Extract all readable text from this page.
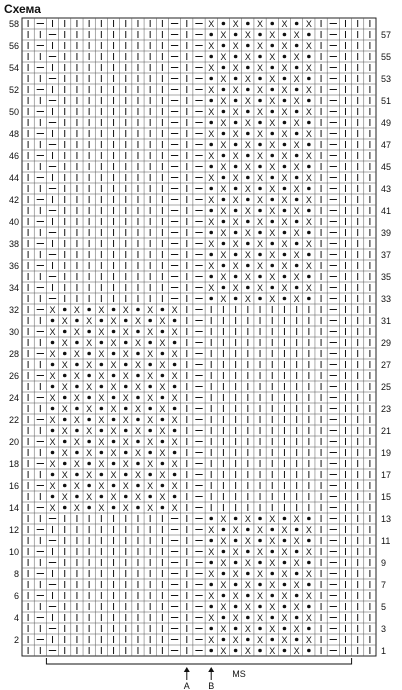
Схема
X X X X X
X X X X
X X X X X
X X X X
X X X X X
X X X X
X X X X X
X X X X
X X X X X
X X X X
X X X X X
X X X X
X X X X X
X X X X
X X X X X
X X X X
X X X X X
X X X X
X X X X X
X X X X
X X X X X
X X X X
X X X X X
X X X X
X X X X X
X X X X
X X X X X X
X X X X X
X X X X X X
X X X X X
X X X X X X
X X X X X
X X X X X X
X X X X X
X X X X X X
X X X X X
X X X X X X
X X X X X
X X X X X X
X X X X X
X X X X X X
X X X X X
X X X X X X
X X X X X
X X X X X X
X X X X
X X X X X
X X X X
X X X X X
X X X X
X X X X X
X X X X
X X X X X
X X X X
X X X X X
X X X X
X X X X X
X X X X
58
56
54
52
50
48
46
44
42
40
38
36
34
32
30
28
26
24
22
20
18
16
14
12
10
8
6
4
2
57
55
53
51
49
47
45
43
41
39
37
35
33
31
29
27
25
23
21
19
17
15
13
11
9
7
5
3
1
A B
MS
